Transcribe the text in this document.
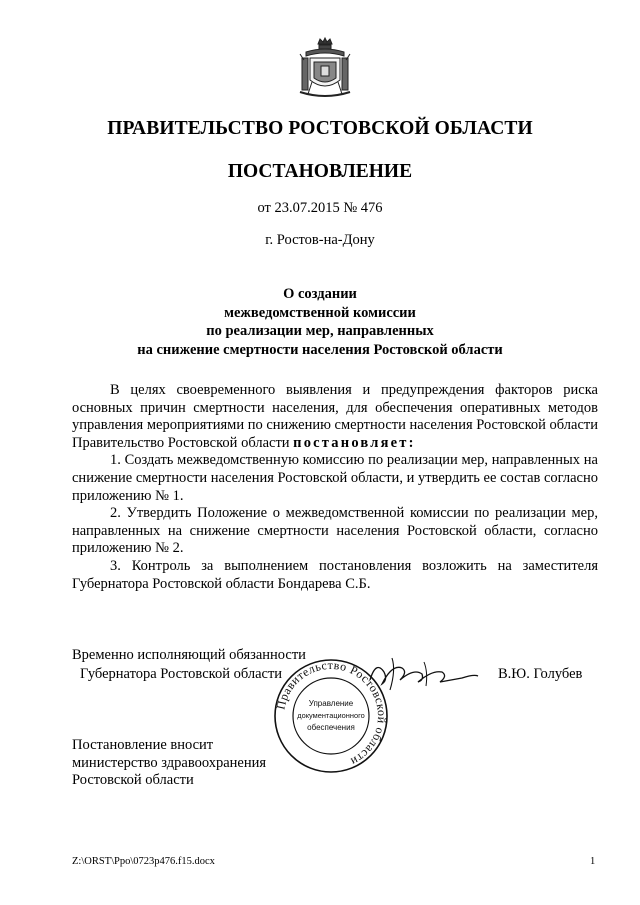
ПРАВИТЕЛЬСТВО РОСТОВСКОЙ ОБЛАСТИ
ПОСТАНОВЛЕНИЕ
от 23.07.2015 № 476
г. Ростов-на-Дону
О создании
межведомственной комиссии
по реализации мер, направленных
на снижение смертности населения Ростовской области

В целях своевременного выявления и предупреждения факторов риска основных причин смертности населения, для обеспечения оперативных методов управления мероприятиями по снижению смертности населения Ростовской области Правительство Ростовской области постановляет:

1. Создать межведомственную комиссию по реализации мер, направленных на снижение смертности населения Ростовской области, и утвердить ее состав согласно приложению № 1.

2. Утвердить Положение о межведомственной комиссии по реализации мер, направленных на снижение смертности населения Ростовской области, согласно приложению № 2.

3. Контроль за выполнением постановления возложить на заместителя Губернатора Ростовской области Бондарева С.Б.

Временно исполняющий обязанности
Губернатора Ростовской области	В.Ю. Голубев
Правительство Ростовской области
Управление
документационного
обеспечения
Постановление вносит
министерство здравоохранения
Ростовской области
Z:\ORST\Ppo\0723p476.f15.docx	1
